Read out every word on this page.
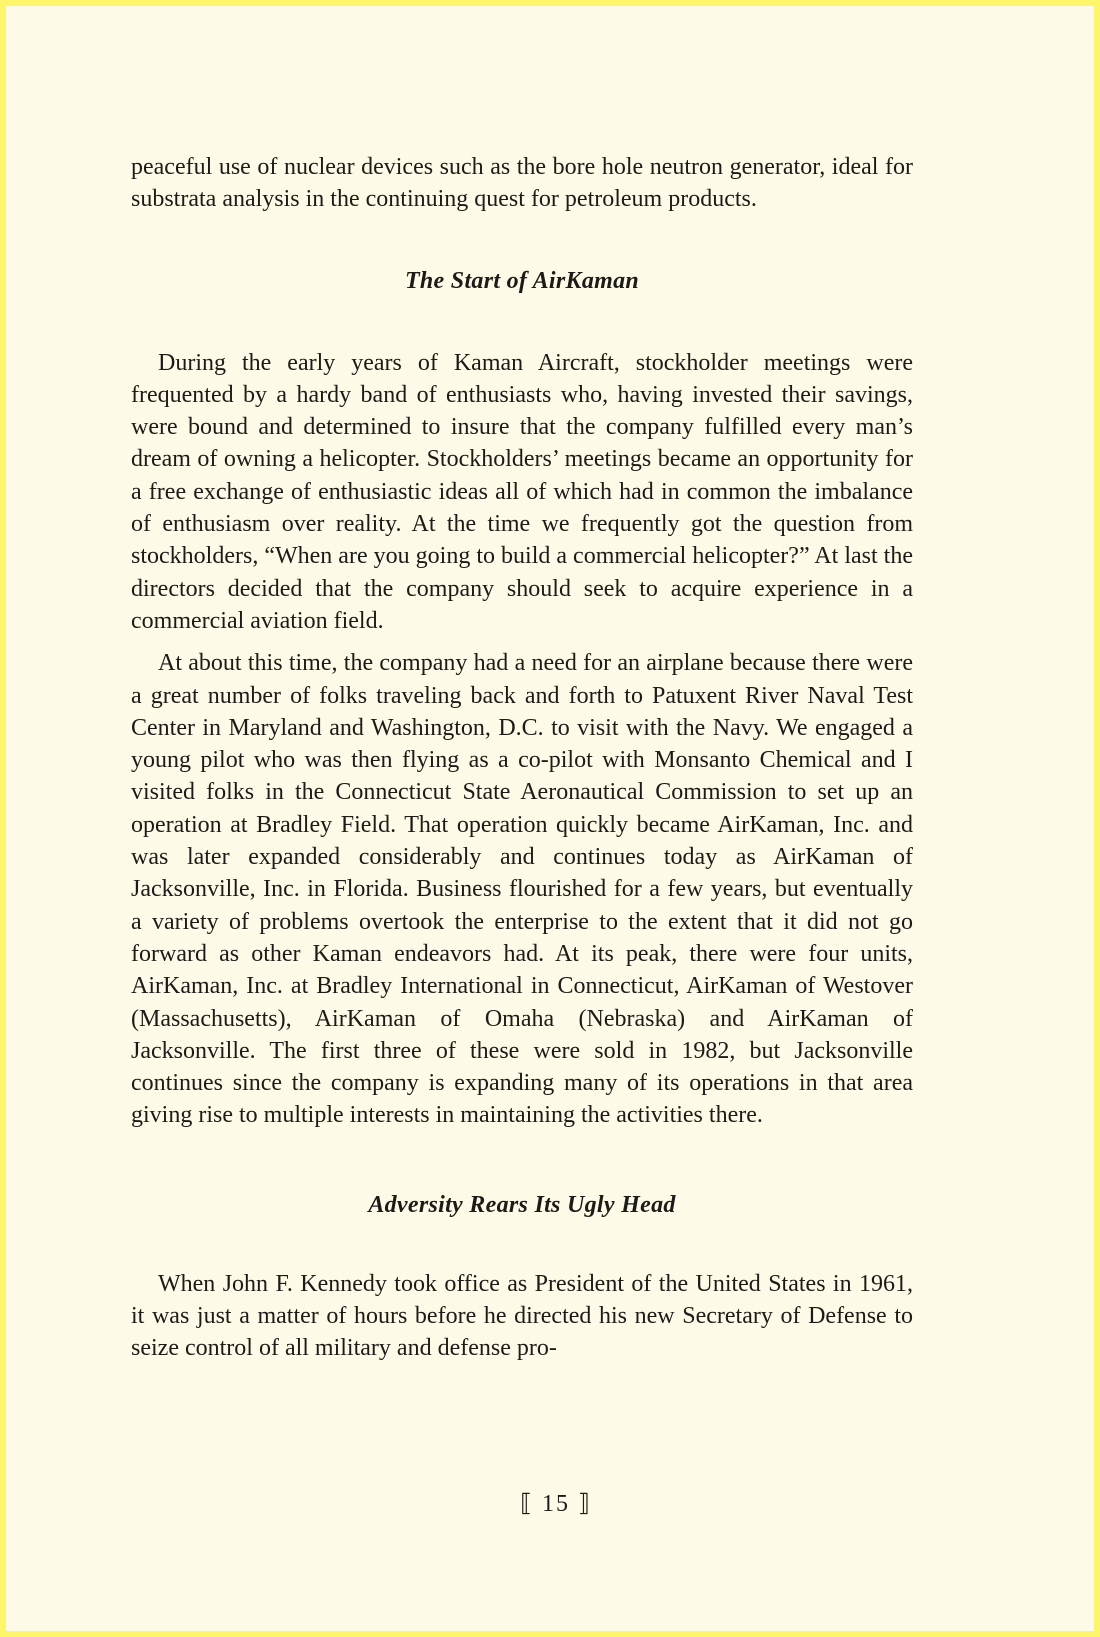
peaceful use of nuclear devices such as the bore hole neutron generator, ideal for substrata analysis in the continuing quest for petroleum products.

The Start of AirKaman

During the early years of Kaman Aircraft, stockholder meetings were frequented by a hardy band of enthusiasts who, having invested their savings, were bound and determined to insure that the company fulfilled every man’s dream of owning a helicopter. Stockholders’ meetings became an opportunity for a free exchange of enthusiastic ideas all of which had in common the imbalance of enthusiasm over reality. At the time we frequently got the question from stockholders, “When are you going to build a commercial helicopter?” At last the directors decided that the company should seek to acquire experience in a commercial aviation field.

At about this time, the company had a need for an airplane because there were a great number of folks traveling back and forth to Patuxent River Naval Test Center in Maryland and Washington, D.C. to visit with the Navy. We engaged a young pilot who was then flying as a co-pilot with Monsanto Chemical and I visited folks in the Connecticut State Aeronautical Commission to set up an operation at Bradley Field. That operation quickly became AirKaman, Inc. and was later expanded considerably and continues today as AirKaman of Jacksonville, Inc. in Florida. Business flourished for a few years, but eventually a variety of problems overtook the enterprise to the extent that it did not go forward as other Kaman endeavors had. At its peak, there were four units, AirKaman, Inc. at Bradley International in Connecticut, AirKaman of Westover (Massachusetts), AirKaman of Omaha (Nebraska) and AirKaman of Jacksonville. The first three of these were sold in 1982, but Jacksonville continues since the company is expanding many of its operations in that area giving rise to multiple interests in maintaining the activities there.

Adversity Rears Its Ugly Head

When John F. Kennedy took office as President of the United States in 1961, it was just a matter of hours before he directed his new Secretary of Defense to seize control of all military and defense pro-

⟦ 15 ⟧
